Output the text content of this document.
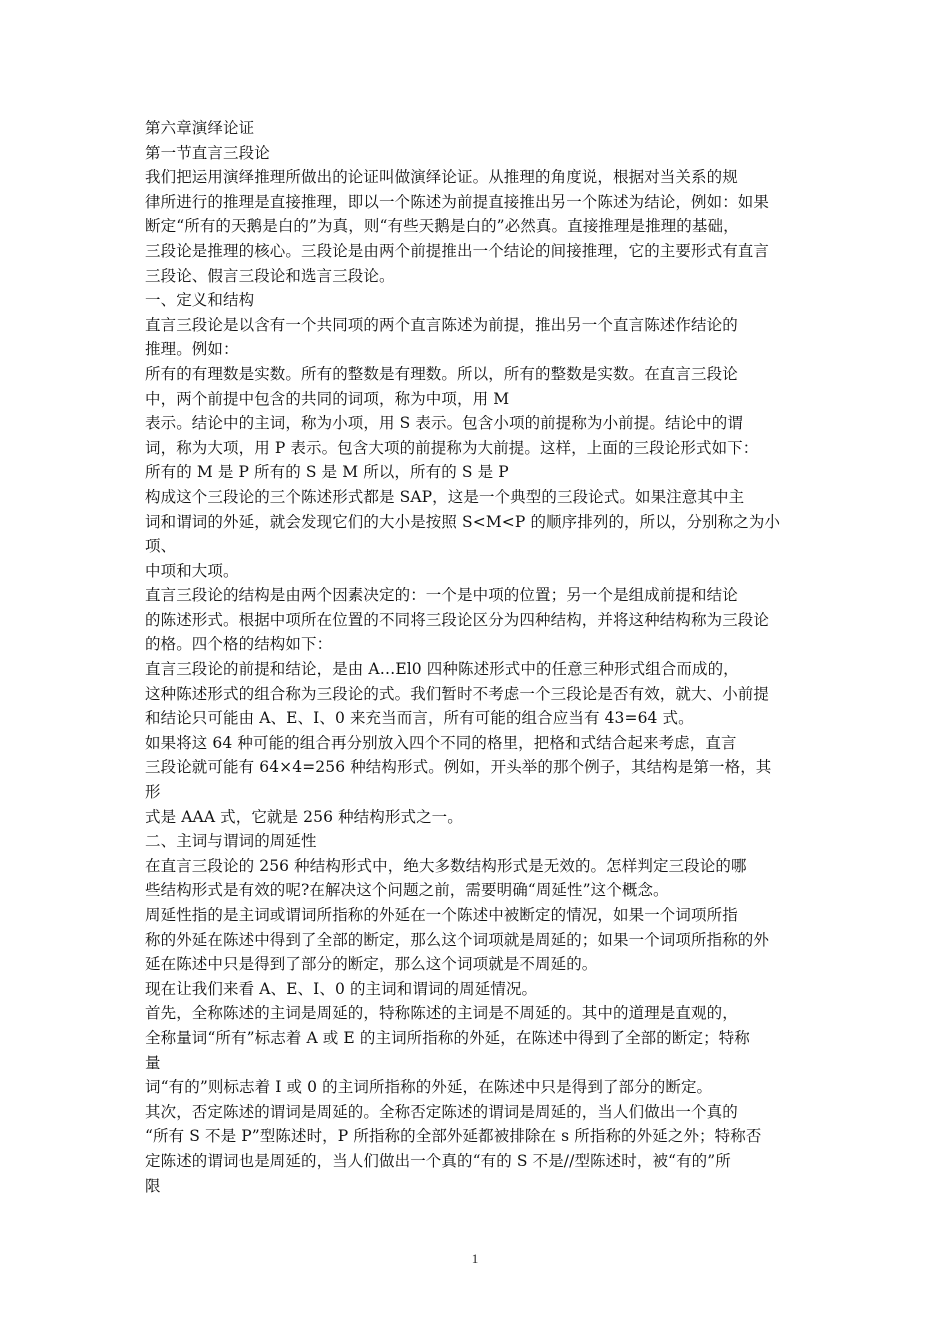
第六章演绎论证
第一节直言三段论
我们把运用演绎推理所做出的论证叫做演绎论证。从推理的角度说，根据对当关系的规
律所进行的推理是直接推理，即以一个陈述为前提直接推出另一个陈述为结论，例如：如果
断定“所有的天鹅是白的”为真，则“有些天鹅是白的”必然真。直接推理是推理的基础，
三段论是推理的核心。三段论是由两个前提推出一个结论的间接推理，它的主要形式有直言
三段论、假言三段论和选言三段论。
一、定义和结构
直言三段论是以含有一个共同项的两个直言陈述为前提，推出另一个直言陈述作结论的
推理。例如：
所有的有理数是实数。所有的整数是有理数。所以，所有的整数是实数。在直言三段论
中，两个前提中包含的共同的词项，称为中项，用 M
表示。结论中的主词，称为小项，用 S 表示。包含小项的前提称为小前提。结论中的谓
词，称为大项，用 P 表示。包含大项的前提称为大前提。这样，上面的三段论形式如下：
所有的 M 是 P 所有的 S 是 M 所以，所有的 S 是 P
构成这个三段论的三个陈述形式都是 SAP，这是一个典型的三段论式。如果注意其中主
词和谓词的外延，就会发现它们的大小是按照 S<M<P 的顺序排列的，所以，分别称之为小
项、
中项和大项。
直言三段论的结构是由两个因素决定的：一个是中项的位置；另一个是组成前提和结论
的陈述形式。根据中项所在位置的不同将三段论区分为四种结构，并将这种结构称为三段论
的格。四个格的结构如下：
直言三段论的前提和结论，是由 A…El0 四种陈述形式中的任意三种形式组合而成的，
这种陈述形式的组合称为三段论的式。我们暂时不考虑一个三段论是否有效，就大、小前提
和结论只可能由 A、E、I、0 来充当而言，所有可能的组合应当有 43=64 式。
如果将这 64 种可能的组合再分别放入四个不同的格里，把格和式结合起来考虑，直言
三段论就可能有 64×4=256 种结构形式。例如，开头举的那个例子，其结构是第一格，其
形
式是 AAA 式，它就是 256 种结构形式之一。
二、主词与谓词的周延性
在直言三段论的 256 种结构形式中，绝大多数结构形式是无效的。怎样判定三段论的哪
些结构形式是有效的呢?在解决这个问题之前，需要明确“周延性”这个概念。
周延性指的是主词或谓词所指称的外延在一个陈述中被断定的情况，如果一个词项所指
称的外延在陈述中得到了全部的断定，那么这个词项就是周延的；如果一个词项所指称的外
延在陈述中只是得到了部分的断定，那么这个词项就是不周延的。
现在让我们来看 A、E、I、0 的主词和谓词的周延情况。
首先，全称陈述的主词是周延的，特称陈述的主词是不周延的。其中的道理是直观的，
全称量词“所有”标志着 A 或 E 的主词所指称的外延，在陈述中得到了全部的断定；特称
量
词“有的”则标志着 I 或 0 的主词所指称的外延，在陈述中只是得到了部分的断定。
其次，否定陈述的谓词是周延的。全称否定陈述的谓词是周延的，当人们做出一个真的
“所有 S 不是 P”型陈述时，P 所指称的全部外延都被排除在 s 所指称的外延之外；特称否
定陈述的谓词也是周延的，当人们做出一个真的“有的 S 不是//型陈述时，被“有的”所
限
1
